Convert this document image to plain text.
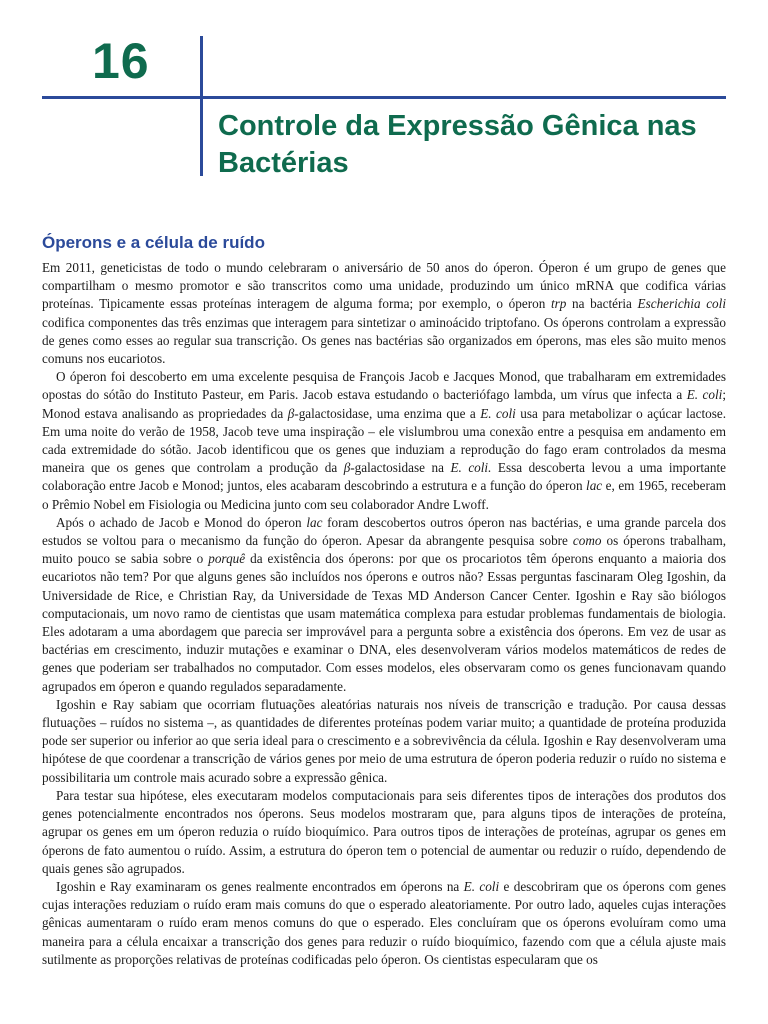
16
Controle da Expressão Gênica nas Bactérias
Óperons e a célula de ruído

Em 2011, geneticistas de todo o mundo celebraram o aniversário de 50 anos do óperon. Óperon é um grupo de genes que compartilham o mesmo promotor e são transcritos como uma unidade, produzindo um único mRNA que codifica várias proteínas. Tipicamente essas proteínas interagem de alguma forma; por exemplo, o óperon trp na bactéria Escherichia coli codifica componentes das três enzimas que interagem para sintetizar o aminoácido triptofano. Os óperons controlam a expressão de genes como esses ao regular sua transcrição. Os genes nas bactérias são organizados em óperons, mas eles são muito menos comuns nos eucariotos.

O óperon foi descoberto em uma excelente pesquisa de François Jacob e Jacques Monod, que trabalharam em extremidades opostas do sótão do Instituto Pasteur, em Paris. Jacob estava estudando o bacteriófago lambda, um vírus que infecta a E. coli; Monod estava analisando as propriedades da β-galactosidase, uma enzima que a E. coli usa para metabolizar o açúcar lactose. Em uma noite do verão de 1958, Jacob teve uma inspiração – ele vislumbrou uma conexão entre a pesquisa em andamento em cada extremidade do sótão. Jacob identificou que os genes que induziam a reprodução do fago eram controlados da mesma maneira que os genes que controlam a produção da β-galactosidase na E. coli. Essa descoberta levou a uma importante colaboração entre Jacob e Monod; juntos, eles acabaram descobrindo a estrutura e a função do óperon lac e, em 1965, receberam o Prêmio Nobel em Fisiologia ou Medicina junto com seu colaborador Andre Lwoff.

Após o achado de Jacob e Monod do óperon lac foram descobertos outros óperon nas bactérias, e uma grande parcela dos estudos se voltou para o mecanismo da função do óperon. Apesar da abrangente pesquisa sobre como os óperons trabalham, muito pouco se sabia sobre o porquê da existência dos óperons: por que os procariotos têm óperons enquanto a maioria dos eucariotos não tem? Por que alguns genes são incluídos nos óperons e outros não? Essas perguntas fascinaram Oleg Igoshin, da Universidade de Rice, e Christian Ray, da Universidade de Texas MD Anderson Cancer Center. Igoshin e Ray são biólogos computacionais, um novo ramo de cientistas que usam matemática complexa para estudar problemas fundamentais de biologia. Eles adotaram a uma abordagem que parecia ser improvável para a pergunta sobre a existência dos óperons. Em vez de usar as bactérias em crescimento, induzir mutações e examinar o DNA, eles desenvolveram vários modelos matemáticos de redes de genes que poderiam ser trabalhados no computador. Com esses modelos, eles observaram como os genes funcionavam quando agrupados em óperon e quando regulados separadamente.

Igoshin e Ray sabiam que ocorriam flutuações aleatórias naturais nos níveis de transcrição e tradução. Por causa dessas flutuações – ruídos no sistema –, as quantidades de diferentes proteínas podem variar muito; a quantidade de proteína produzida pode ser superior ou inferior ao que seria ideal para o crescimento e a sobrevivência da célula. Igoshin e Ray desenvolveram uma hipótese de que coordenar a transcrição de vários genes por meio de uma estrutura de óperon poderia reduzir o ruído no sistema e possibilitaria um controle mais acurado sobre a expressão gênica.

Para testar sua hipótese, eles executaram modelos computacionais para seis diferentes tipos de interações dos produtos dos genes potencialmente encontrados nos óperons. Seus modelos mostraram que, para alguns tipos de interações de proteína, agrupar os genes em um óperon reduzia o ruído bioquímico. Para outros tipos de interações de proteínas, agrupar os genes em óperons de fato aumentou o ruído. Assim, a estrutura do óperon tem o potencial de aumentar ou reduzir o ruído, dependendo de quais genes são agrupados.

Igoshin e Ray examinaram os genes realmente encontrados em óperons na E. coli e descobriram que os óperons com genes cujas interações reduziam o ruído eram mais comuns do que o esperado aleatoriamente. Por outro lado, aqueles cujas interações gênicas aumentaram o ruído eram menos comuns do que o esperado. Eles concluíram que os óperons evoluíram como uma maneira para a célula encaixar a transcrição dos genes para reduzir o ruído bioquímico, fazendo com que a célula ajuste mais sutilmente as proporções relativas de proteínas codificadas pelo óperon. Os cientistas especularam que os
